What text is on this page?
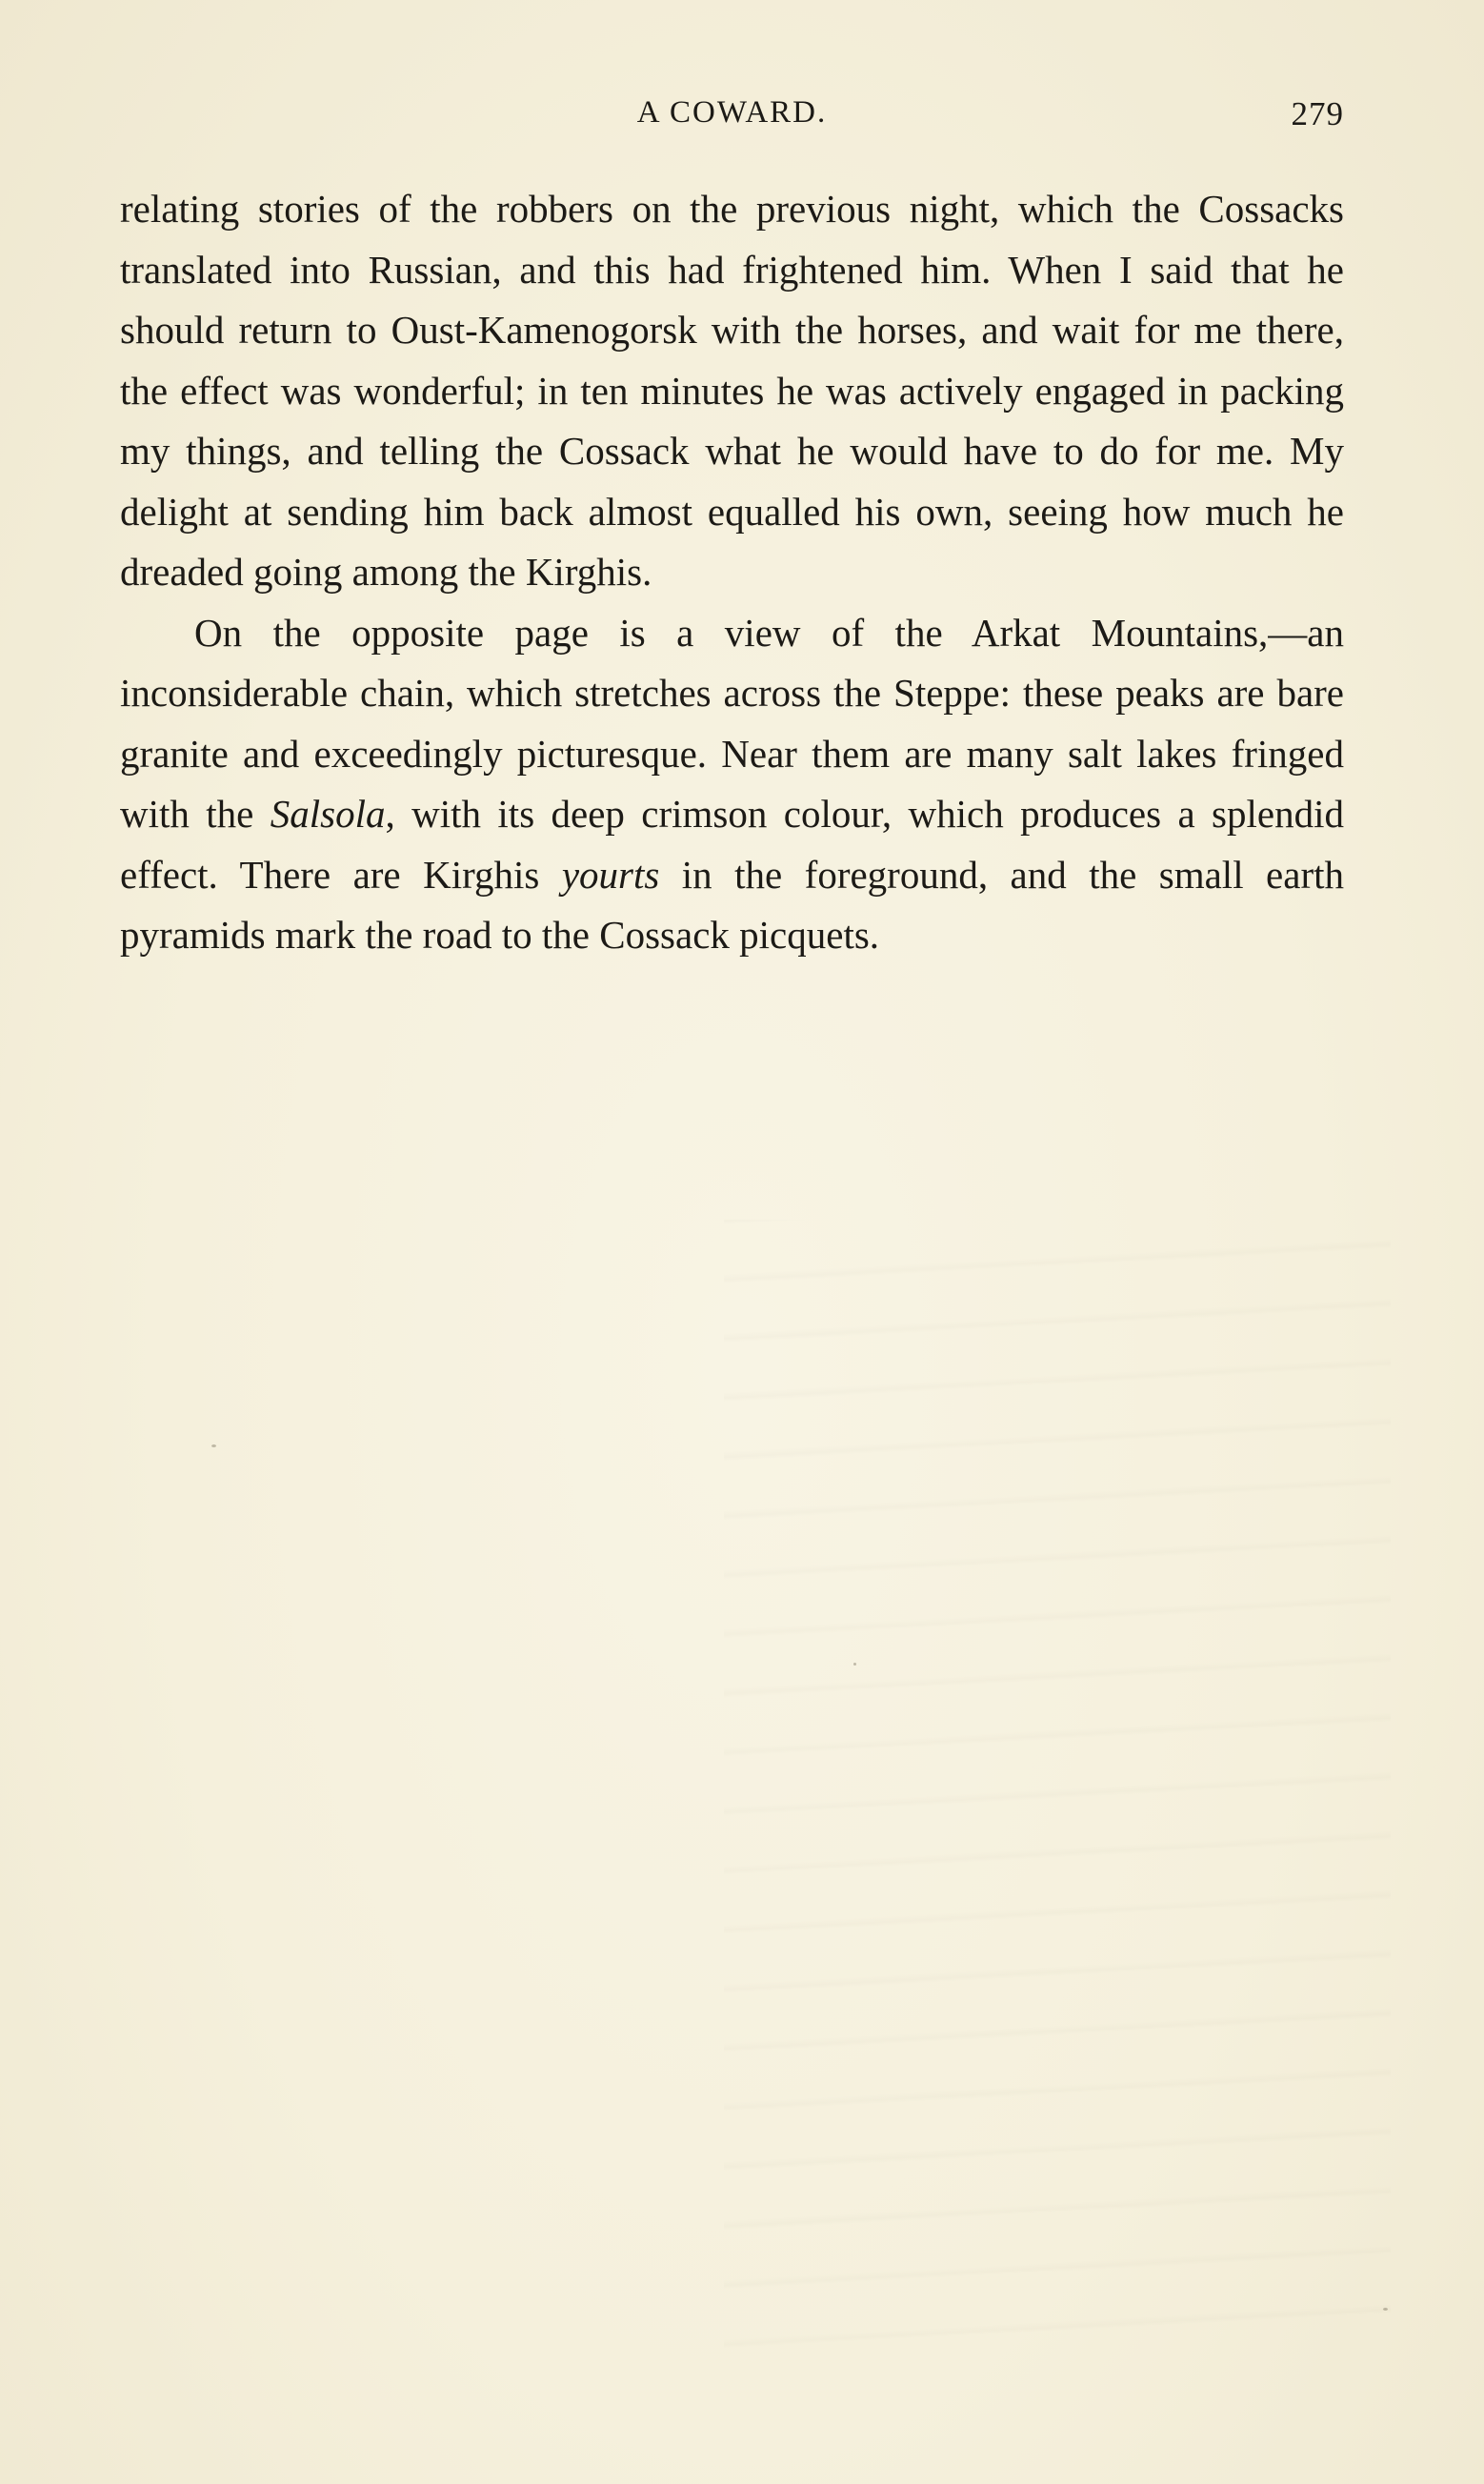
A COWARD.	279

relating stories of the robbers on the previous night, which the Cossacks translated into Russian, and this had frightened him. When I said that he should return to Oust-Kamenogorsk with the horses, and wait for me there, the effect was wonderful; in ten minutes he was actively engaged in packing my things, and telling the Cossack what he would have to do for me. My delight at sending him back almost equalled his own, seeing how much he dreaded going among the Kirghis.

On the opposite page is a view of the Arkat Mountains,—an inconsiderable chain, which stretches across the Steppe: these peaks are bare granite and exceedingly picturesque. Near them are many salt lakes fringed with the Salsola, with its deep crimson colour, which produces a splendid effect. There are Kirghis yourts in the foreground, and the small earth pyramids mark the road to the Cossack picquets.
